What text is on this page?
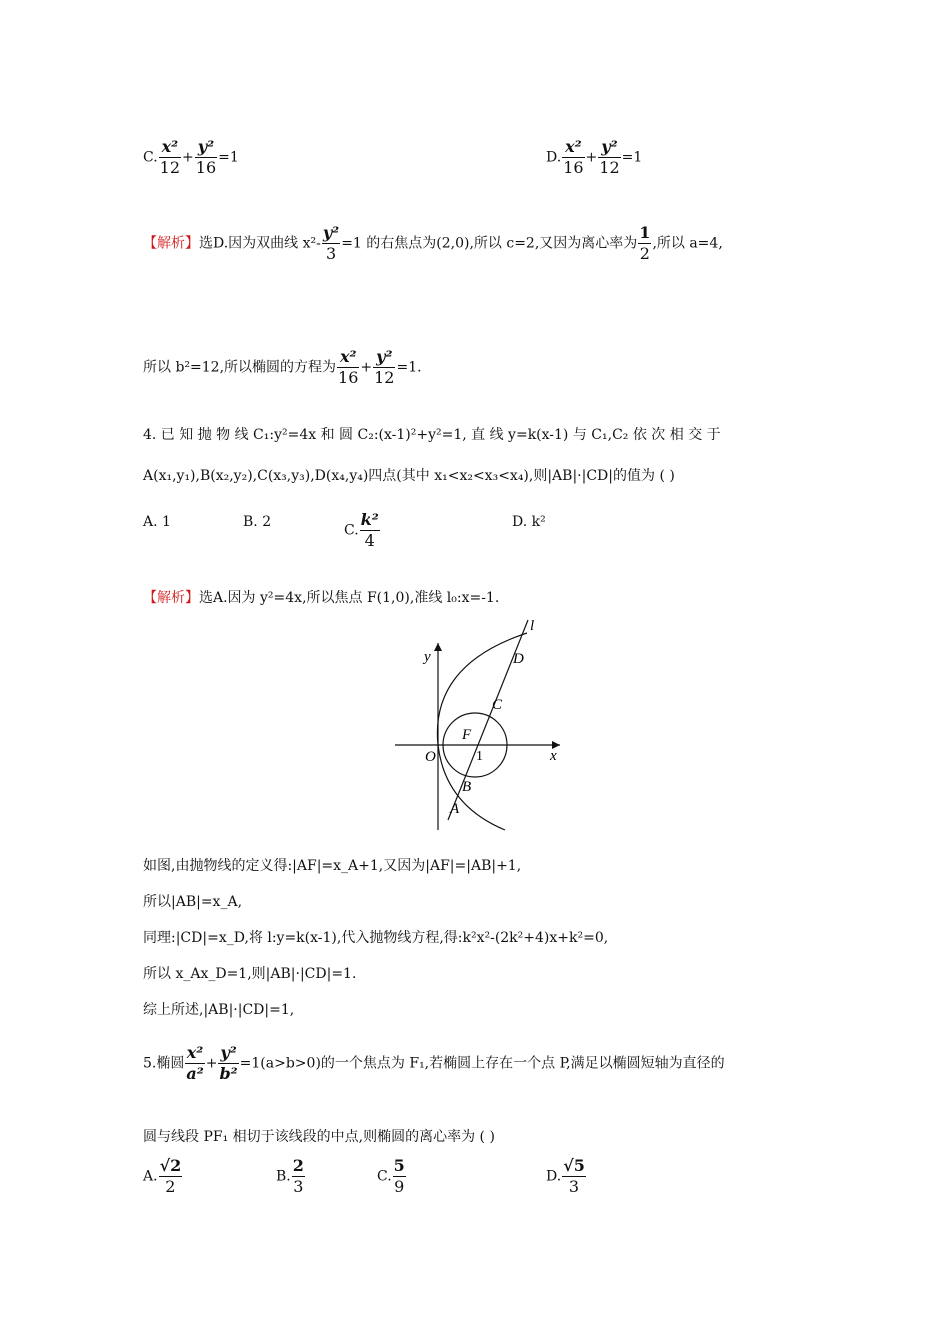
C. $\frac{\text{x²}}{12} + \frac{\text{y²}}{16} =1$	D. $\frac{\text{x²}}{16} + \frac{\text{y²}}{12} =1$
【解析】选D.因为双曲线 $x^2- \frac{\text{y²}}{3} =1$ 的右焦点为(2,0),所以 c=2,又因为离心率为 $\frac{1}{2}$ ,所以 a=4,
所以 b²=12,所以椭圆的方程为 $\frac{\text{x²}}{16} + \frac{\text{y²}}{12} =1$.
4. 已 知 抛 物 线 C₁:y²=4x 和 圆 C₂:(x-1)²+y²=1, 直 线 y=k(x-1) 与 C₁,C₂ 依 次 相 交 于
A(x₁,y₁),B(x₂,y₂),C(x₃,y₃),D(x₄,y₄)四点(其中 x₁<x₂<x₃<x₄),则|AB|·|CD|的值为 ( )
A. 1	B. 2
C. $\frac{\text{k²}}{4}$	D. k²
【解析】选A.因为 y²=4x,所以焦点 F(1,0),准线 l₀:x=-1.
y
x
O	1
F
C
D
l
B
A
如图,由抛物线的定义得:|AF|=x_A+1,又因为|AF|=|AB|+1,
所以|AB|=x_A,
同理:|CD|=x_D,将 l:y=k(x-1),代入抛物线方程,得:k²x²-(2k²+4)x+k²=0,
所以 x_Ax_D=1,则|AB|·|CD|=1.
综上所述,|AB|·|CD|=1,
5.椭圆 $\frac{\text{x²}}{\text{a²}} + \frac{\text{y²}}{\text{b²}} =1(a>b>0)$的一个焦点为 F₁,若椭圆上存在一个点 P,满足以椭圆短轴为直径的
圆与线段 PF₁ 相切于该线段的中点,则椭圆的离心率为 ( )
A. $\frac{√2}{2}$	B. $\frac{2}{3}$	C. $\frac{5}{9}$	D. $\frac{√5}{3}$
